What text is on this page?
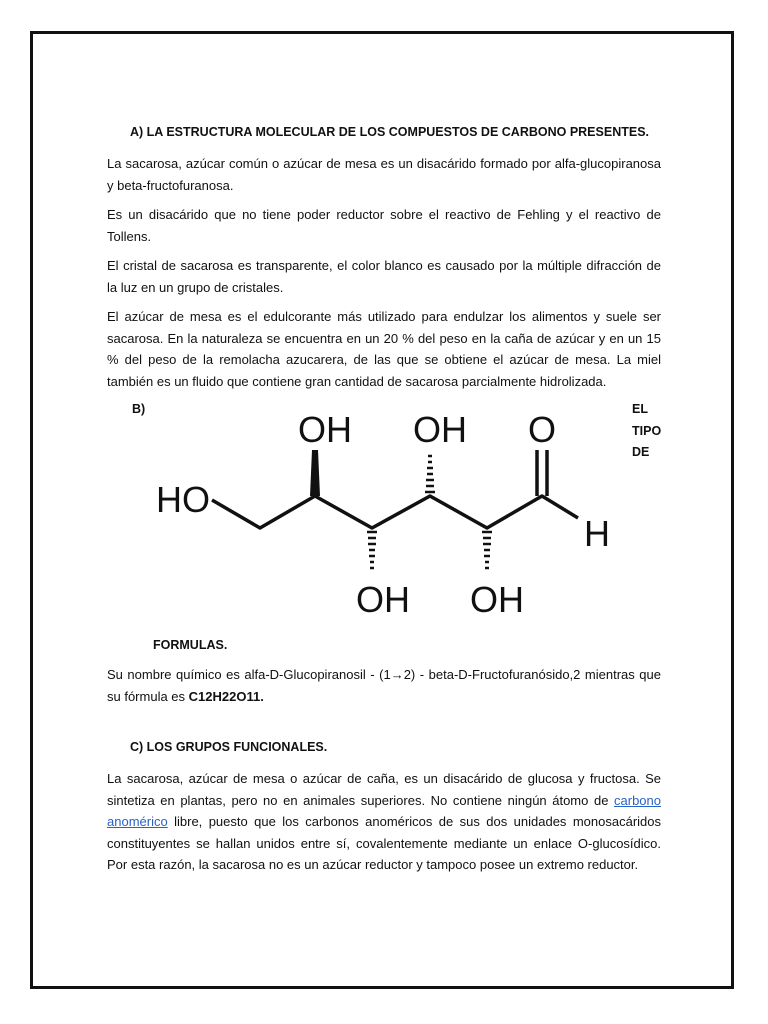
A) LA ESTRUCTURA MOLECULAR DE LOS COMPUESTOS DE CARBONO PRESENTES.
La sacarosa, azúcar común o azúcar de mesa es un disacárido formado por alfa-glucopiranosa y beta-fructofuranosa.
Es un disacárido que no tiene poder reductor sobre el reactivo de Fehling y el reactivo de Tollens.
El cristal de sacarosa es transparente, el color blanco es causado por la múltiple difracción de la luz en un grupo de cristales.
El azúcar de mesa es el edulcorante más utilizado para endulzar los alimentos y suele ser sacarosa. En la naturaleza se encuentra en un 20 % del peso en la caña de azúcar y en un 15 % del peso de la remolacha azucarera, de las que se obtiene el azúcar de mesa. La miel también es un fluido que contiene gran cantidad de sacarosa parcialmente hidrolizada.
B)	EL
TIPO
DE
HO
OH OH O
OH OH
H
FORMULAS.
Su nombre químico es alfa-D-Glucopiranosil - (1→2) - beta-D-Fructofuranósido,2 mientras que su fórmula es C12H22O11.
C) LOS GRUPOS FUNCIONALES.
La sacarosa, azúcar de mesa o azúcar de caña, es un disacárido de glucosa y fructosa. Se sintetiza en plantas, pero no en animales superiores. No contiene ningún átomo de carbono anomérico libre, puesto que los carbonos anoméricos de sus dos unidades monosacáridos constituyentes se hallan unidos entre sí, covalentemente mediante un enlace O-glucosídico. Por esta razón, la sacarosa no es un azúcar reductor y tampoco posee un extremo reductor.
